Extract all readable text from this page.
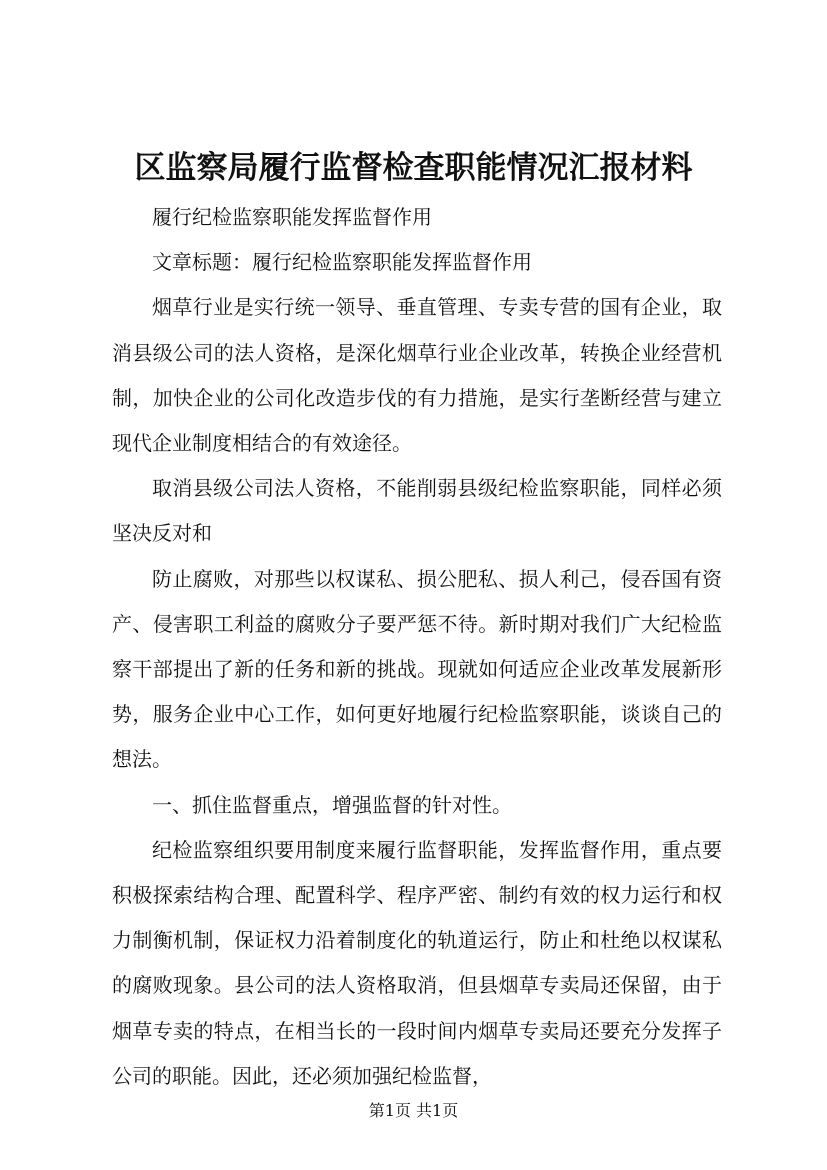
区监察局履行监督检查职能情况汇报材料

履行纪检监察职能发挥监督作用

文章标题：履行纪检监察职能发挥监督作用

烟草行业是实行统一领导、垂直管理、专卖专营的国有企业，取消县级公司的法人资格，是深化烟草行业企业改革，转换企业经营机制，加快企业的公司化改造步伐的有力措施，是实行垄断经营与建立现代企业制度相结合的有效途径。

取消县级公司法人资格，不能削弱县级纪检监察职能，同样必须坚决反对和

防止腐败，对那些以权谋私、损公肥私、损人利己，侵吞国有资产、侵害职工利益的腐败分子要严惩不待。新时期对我们广大纪检监察干部提出了新的任务和新的挑战。现就如何适应企业改革发展新形势，服务企业中心工作，如何更好地履行纪检监察职能，谈谈自己的想法。

一、抓住监督重点，增强监督的针对性。

纪检监察组织要用制度来履行监督职能，发挥监督作用，重点要积极探索结构合理、配置科学、程序严密、制约有效的权力运行和权力制衡机制，保证权力沿着制度化的轨道运行，防止和杜绝以权谋私的腐败现象。县公司的法人资格取消，但县烟草专卖局还保留，由于烟草专卖的特点，在相当长的一段时间内烟草专卖局还要充分发挥子公司的职能。因此，还必须加强纪检监督，

第1页 共1页
